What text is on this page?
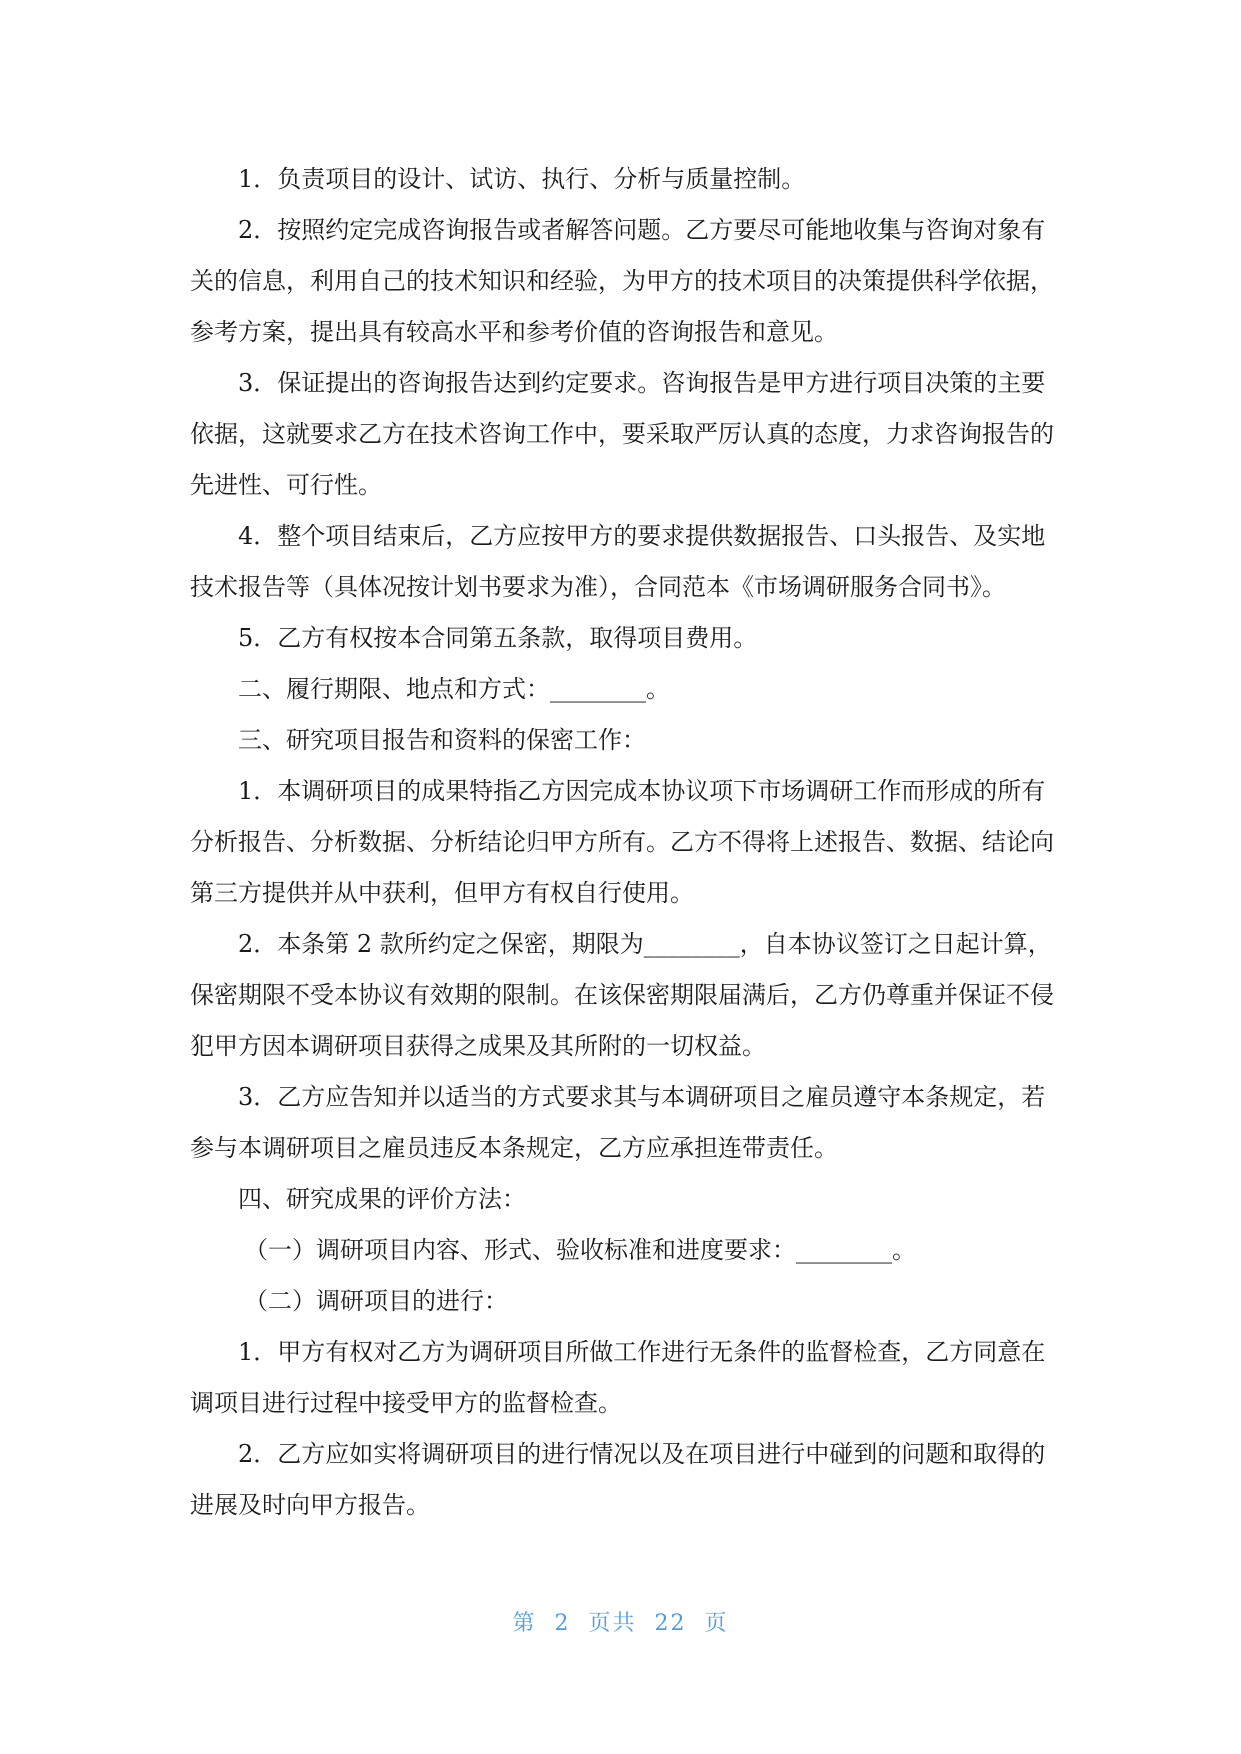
1．负责项目的设计、试访、执行、分析与质量控制。

2．按照约定完成咨询报告或者解答问题。乙方要尽可能地收集与咨询对象有关的信息，利用自己的技术知识和经验，为甲方的技术项目的决策提供科学依据，参考方案，提出具有较高水平和参考价值的咨询报告和意见。

3．保证提出的咨询报告达到约定要求。咨询报告是甲方进行项目决策的主要依据，这就要求乙方在技术咨询工作中，要采取严厉认真的态度，力求咨询报告的先进性、可行性。

4．整个项目结束后，乙方应按甲方的要求提供数据报告、口头报告、及实地技术报告等（具体况按计划书要求为准），合同范本《市场调研服务合同书》。

5．乙方有权按本合同第五条款，取得项目费用。

二、履行期限、地点和方式：________。

三、研究项目报告和资料的保密工作：

1．本调研项目的成果特指乙方因完成本协议项下市场调研工作而形成的所有分析报告、分析数据、分析结论归甲方所有。乙方不得将上述报告、数据、结论向第三方提供并从中获利，但甲方有权自行使用。

2．本条第 2 款所约定之保密，期限为________，自本协议签订之日起计算，保密期限不受本协议有效期的限制。在该保密期限届满后，乙方仍尊重并保证不侵犯甲方因本调研项目获得之成果及其所附的一切权益。

3．乙方应告知并以适当的方式要求其与本调研项目之雇员遵守本条规定，若参与本调研项目之雇员违反本条规定，乙方应承担连带责任。

四、研究成果的评价方法：

（一）调研项目内容、形式、验收标准和进度要求：________。

（二）调研项目的进行：

1．甲方有权对乙方为调研项目所做工作进行无条件的监督检查，乙方同意在调项目进行过程中接受甲方的监督检查。

2．乙方应如实将调研项目的进行情况以及在项目进行中碰到的问题和取得的进展及时向甲方报告。

第 2 页共 22 页
